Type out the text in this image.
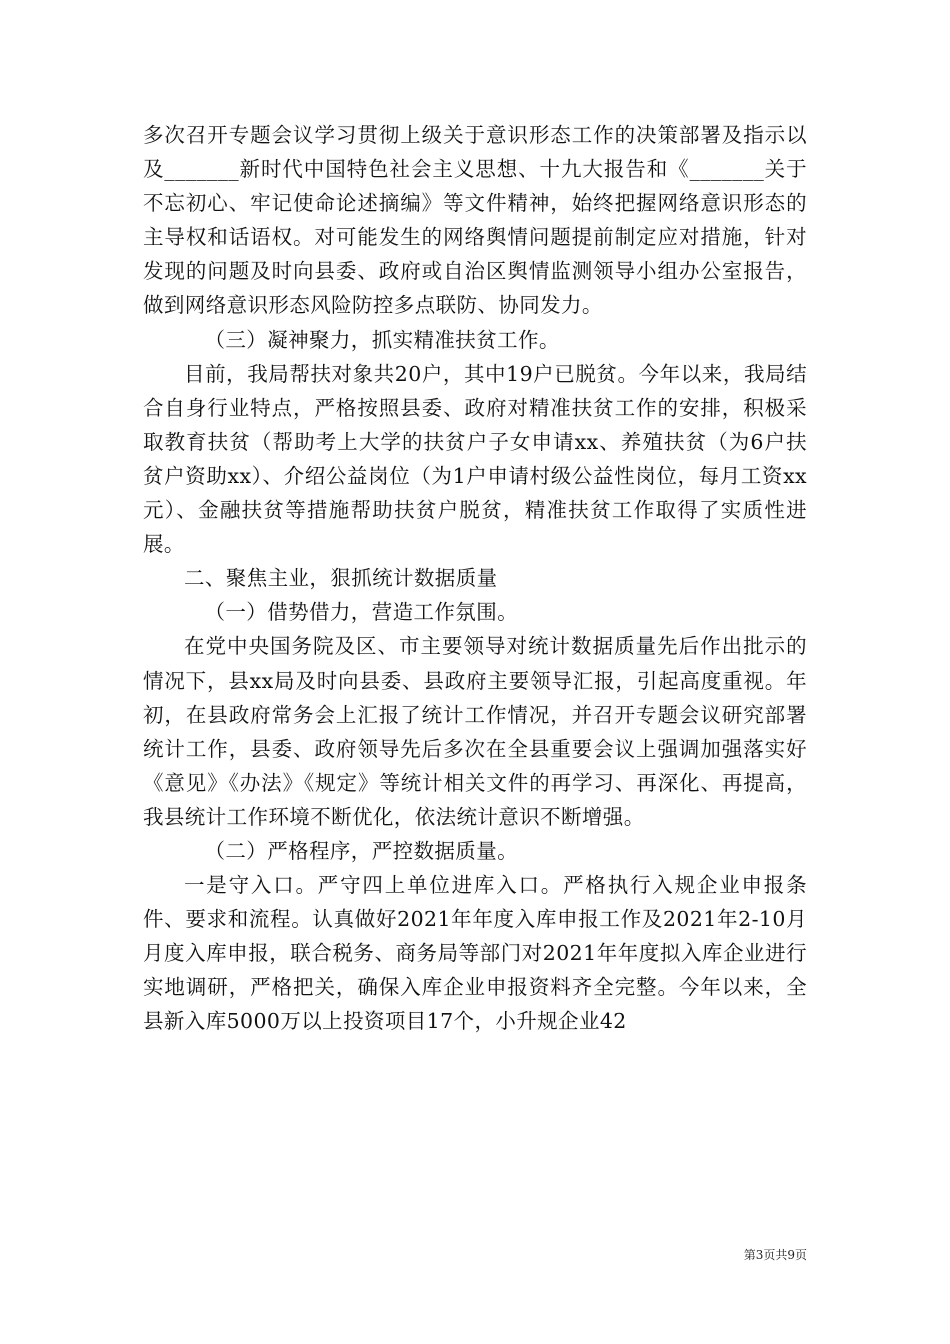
多次召开专题会议学习贯彻上级关于意识形态工作的决策部署及指示以及_______新时代中国特色社会主义思想、十九大报告和《_______关于不忘初心、牢记使命论述摘编》等文件精神，始终把握网络意识形态的主导权和话语权。对可能发生的网络舆情问题提前制定应对措施，针对发现的问题及时向县委、政府或自治区舆情监测领导小组办公室报告，做到网络意识形态风险防控多点联防、协同发力。

（三）凝神聚力，抓实精准扶贫工作。

目前，我局帮扶对象共20户，其中19户已脱贫。今年以来，我局结合自身行业特点，严格按照县委、政府对精准扶贫工作的安排，积极采取教育扶贫（帮助考上大学的扶贫户子女申请xx、养殖扶贫（为6户扶贫户资助xx）、介绍公益岗位（为1户申请村级公益性岗位，每月工资xx元）、金融扶贫等措施帮助扶贫户脱贫，精准扶贫工作取得了实质性进展。

二、聚焦主业，狠抓统计数据质量

（一）借势借力，营造工作氛围。

在党中央国务院及区、市主要领导对统计数据质量先后作出批示的情况下，县xx局及时向县委、县政府主要领导汇报，引起高度重视。年初，在县政府常务会上汇报了统计工作情况，并召开专题会议研究部署统计工作，县委、政府领导先后多次在全县重要会议上强调加强落实好《意见》《办法》《规定》等统计相关文件的再学习、再深化、再提高，我县统计工作环境不断优化，依法统计意识不断增强。

（二）严格程序，严控数据质量。

一是守入口。严守四上单位进库入口。严格执行入规企业申报条件、要求和流程。认真做好2021年年度入库申报工作及2021年2-10月月度入库申报，联合税务、商务局等部门对2021年年度拟入库企业进行实地调研，严格把关，确保入库企业申报资料齐全完整。今年以来，全县新入库5000万以上投资项目17个，小升规企业42

第3页共9页
